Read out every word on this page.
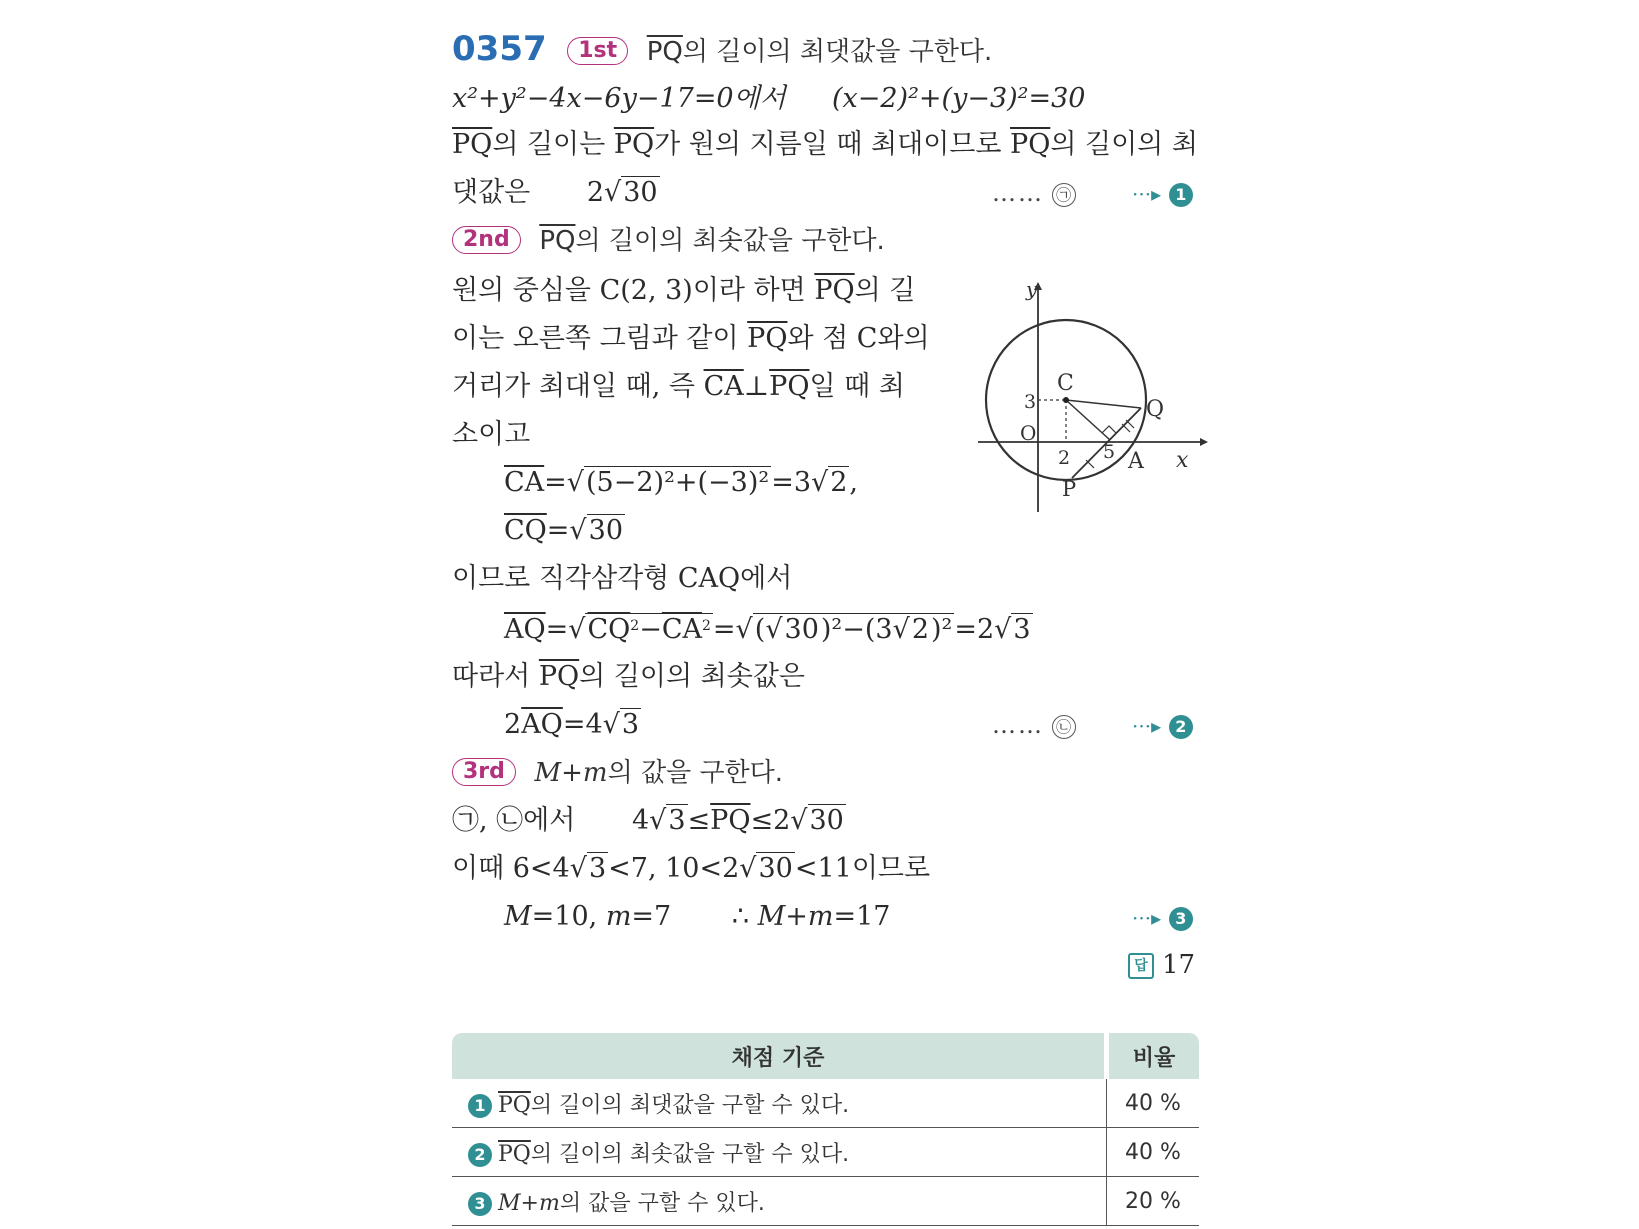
0357 1st $\overline{PQ}$의 길이의 최댓값을 구한다.
x²+y²−4x−6y−17=0에서 (x−2)²+(y−3)²=30
$\overline{PQ}$의 길이는 $\overline{PQ}$가 원의 지름일 때 최대이므로 $\overline{PQ}$의 길이의 최
댓값은 2√30	…… ㉠	···▸ 1
2nd $\overline{PQ}$의 길이의 최솟값을 구한다.
원의 중심을 C(2, 3)이라 하면 $\overline{PQ}$의 길
이는 오른쪽 그림과 같이 $\overline{PQ}$와 점 C와의
거리가 최대일 때, 즉 $\overline{CA}\perp\overline{PQ}$일 때 최
소이고
$\overline{CA}=√(5-2)^2+(-3)^2=3√2$,
$\overline{CQ}=√30$
이므로 직각삼각형 CAQ에서
$\overline{AQ}=√CQ^2-\overline{CA}^2=√(√30)^2-(3√2)^2=2√3$
따라서 $\overline{PQ}$의 길이의 최솟값은
$2\overline{AQ}=4√3$	…… ㉡	···▸ 2
3rd M+m의 값을 구한다.
㉠, ㉡에서 $4√3\le\overline{PQ}\le 2√30$
이때 6<4√3<7, 10<2√30<11이므로
M=10, m=7 ∴ M+m=17	···▸ 3
답 17
y
x
C
Q
O
3
2 5 A
P
채점 기준	비율
1 $\overline{PQ}$의 길이의 최댓값을 구할 수 있다.	40 %
2 $\overline{PQ}$의 길이의 최솟값을 구할 수 있다.	40 %
3 M+m의 값을 구할 수 있다.	20 %
